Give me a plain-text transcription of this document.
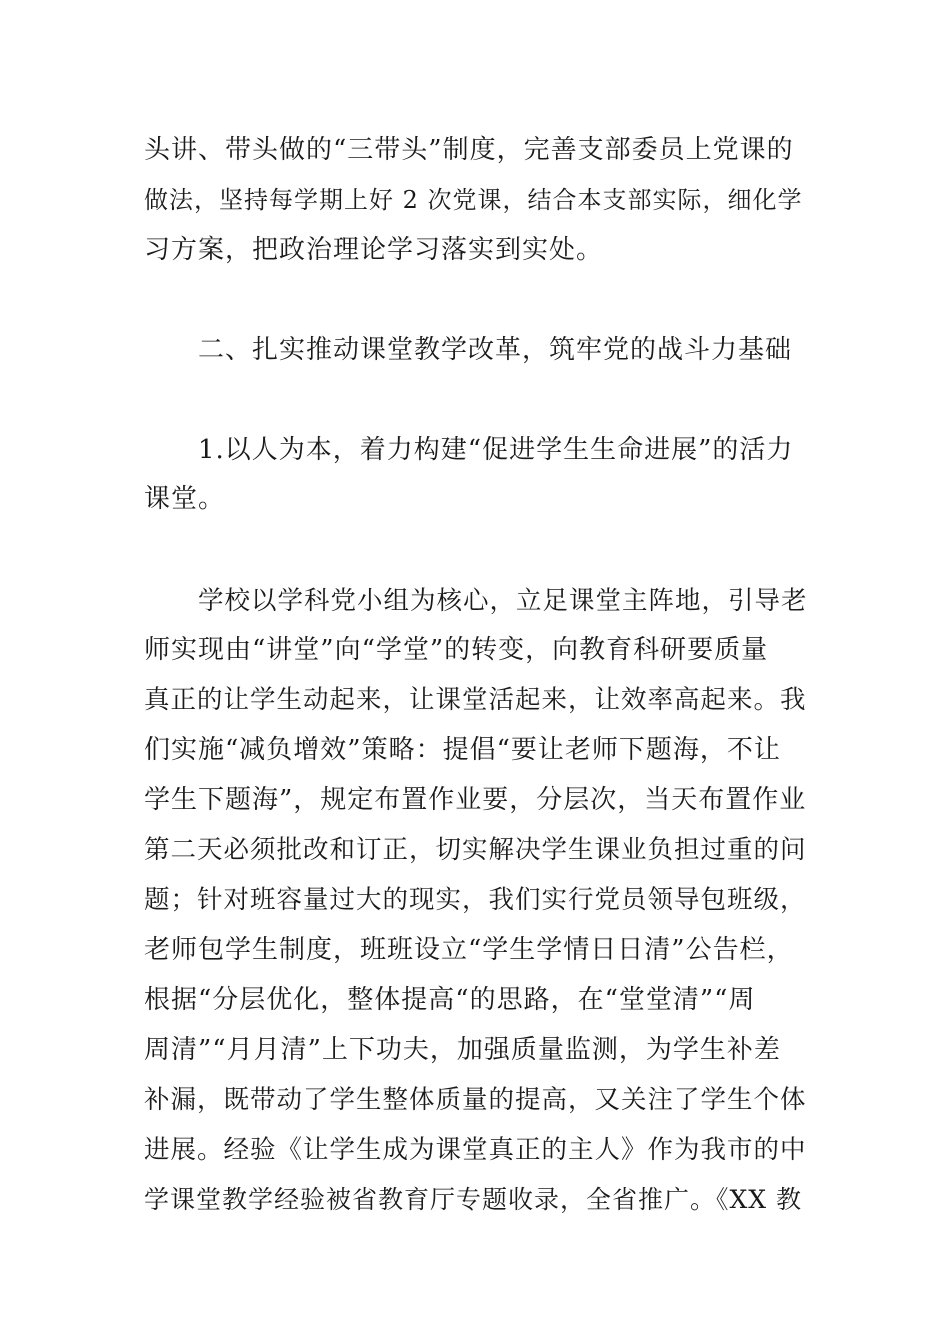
头讲、带头做的“三带头”制度，完善支部委员上党课的

做法，坚持每学期上好 2 次党课，结合本支部实际，细化学

习方案，把政治理论学习落实到实处。

二、扎实推动课堂教学改革，筑牢党的战斗力基础

1.以人为本，着力构建“促进学生生命进展”的活力

课堂。

学校以学科党小组为核心，立足课堂主阵地，引导老

师实现由“讲堂”向“学堂”的转变，向教育科研要质量

真正的让学生动起来，让课堂活起来，让效率高起来。我

们实施“减负增效”策略：提倡“要让老师下题海，不让

学生下题海”，规定布置作业要，分层次，当天布置作业

第二天必须批改和订正，切实解决学生课业负担过重的问

题；针对班容量过大的现实，我们实行党员领导包班级，

老师包学生制度，班班设立“学生学情日日清”公告栏，

根据“分层优化，整体提高“的思路，在“堂堂清”“周

周清”“月月清”上下功夫，加强质量监测，为学生补差

补漏，既带动了学生整体质量的提高，又关注了学生个体

进展。经验《让学生成为课堂真正的主人》作为我市的中

学课堂教学经验被省教育厅专题收录，全省推广。《XX 教
